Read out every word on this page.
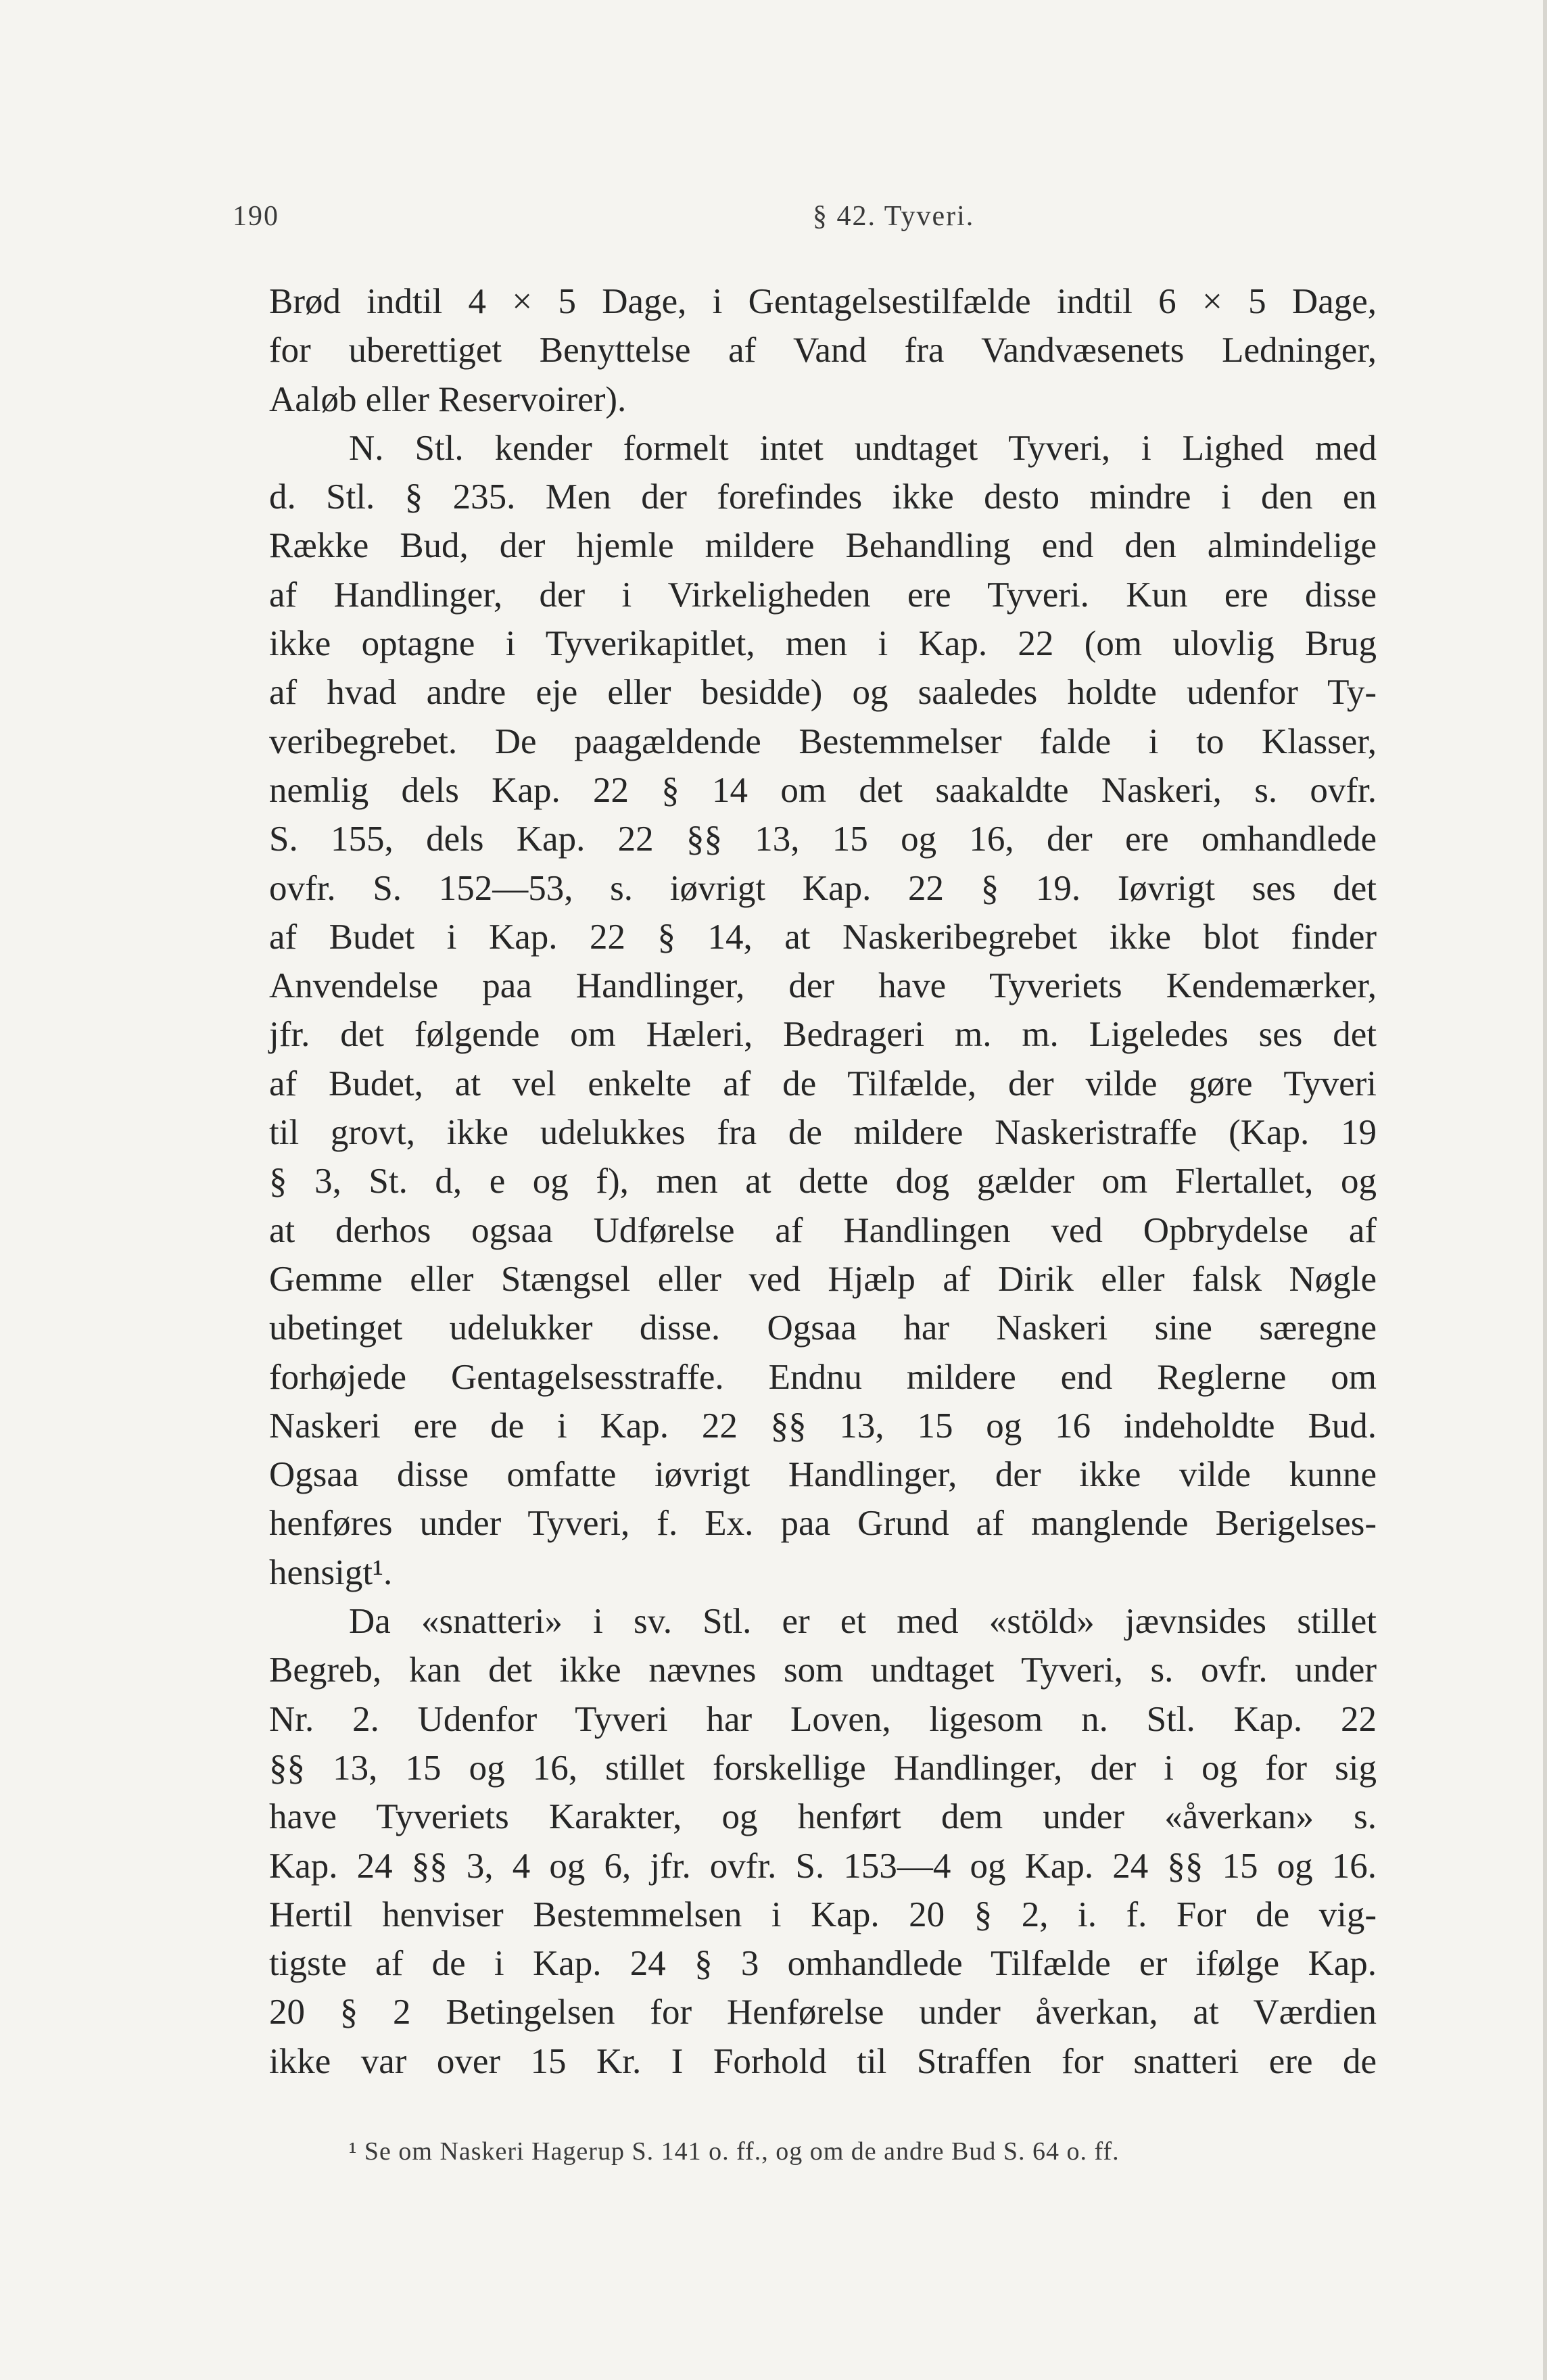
190	§ 42. Tyveri.
Brød indtil 4 × 5 Dage, i Gentagelsestilfælde indtil 6 × 5 Dage,
for uberettiget Benyttelse af Vand fra Vandvæsenets Ledninger,
Aaløb eller Reservoirer).
N. Stl. kender formelt intet undtaget Tyveri, i Lighed med
d. Stl. § 235. Men der forefindes ikke desto mindre i den en
Række Bud, der hjemle mildere Behandling end den almindelige
af Handlinger, der i Virkeligheden ere Tyveri. Kun ere disse
ikke optagne i Tyverikapitlet, men i Kap. 22 (om ulovlig Brug
af hvad andre eje eller besidde) og saaledes holdte udenfor Ty-
veribegrebet. De paagældende Bestemmelser falde i to Klasser,
nemlig dels Kap. 22 § 14 om det saakaldte Naskeri, s. ovfr.
S. 155, dels Kap. 22 §§ 13, 15 og 16, der ere omhandlede
ovfr. S. 152—53, s. iøvrigt Kap. 22 § 19. Iøvrigt ses det
af Budet i Kap. 22 § 14, at Naskeribegrebet ikke blot finder
Anvendelse paa Handlinger, der have Tyveriets Kendemærker,
jfr. det følgende om Hæleri, Bedrageri m. m. Ligeledes ses det
af Budet, at vel enkelte af de Tilfælde, der vilde gøre Tyveri
til grovt, ikke udelukkes fra de mildere Naskeristraffe (Kap. 19
§ 3, St. d, e og f), men at dette dog gælder om Flertallet, og
at derhos ogsaa Udførelse af Handlingen ved Opbrydelse af
Gemme eller Stængsel eller ved Hjælp af Dirik eller falsk Nøgle
ubetinget udelukker disse. Ogsaa har Naskeri sine særegne
forhøjede Gentagelsesstraffe. Endnu mildere end Reglerne om
Naskeri ere de i Kap. 22 §§ 13, 15 og 16 indeholdte Bud.
Ogsaa disse omfatte iøvrigt Handlinger, der ikke vilde kunne
henføres under Tyveri, f. Ex. paa Grund af manglende Berigelses-
hensigt¹.
Da «snatteri» i sv. Stl. er et med «stöld» jævnsides stillet
Begreb, kan det ikke nævnes som undtaget Tyveri, s. ovfr. under
Nr. 2. Udenfor Tyveri har Loven, ligesom n. Stl. Kap. 22
§§ 13, 15 og 16, stillet forskellige Handlinger, der i og for sig
have Tyveriets Karakter, og henført dem under «åverkan» s.
Kap. 24 §§ 3, 4 og 6, jfr. ovfr. S. 153—4 og Kap. 24 §§ 15 og 16.
Hertil henviser Bestemmelsen i Kap. 20 § 2, i. f. For de vig-
tigste af de i Kap. 24 § 3 omhandlede Tilfælde er ifølge Kap.
20 § 2 Betingelsen for Henførelse under åverkan, at Værdien
ikke var over 15 Kr. I Forhold til Straffen for snatteri ere de
¹ Se om Naskeri Hagerup S. 141 o. ff., og om de andre Bud S. 64 o. ff.
